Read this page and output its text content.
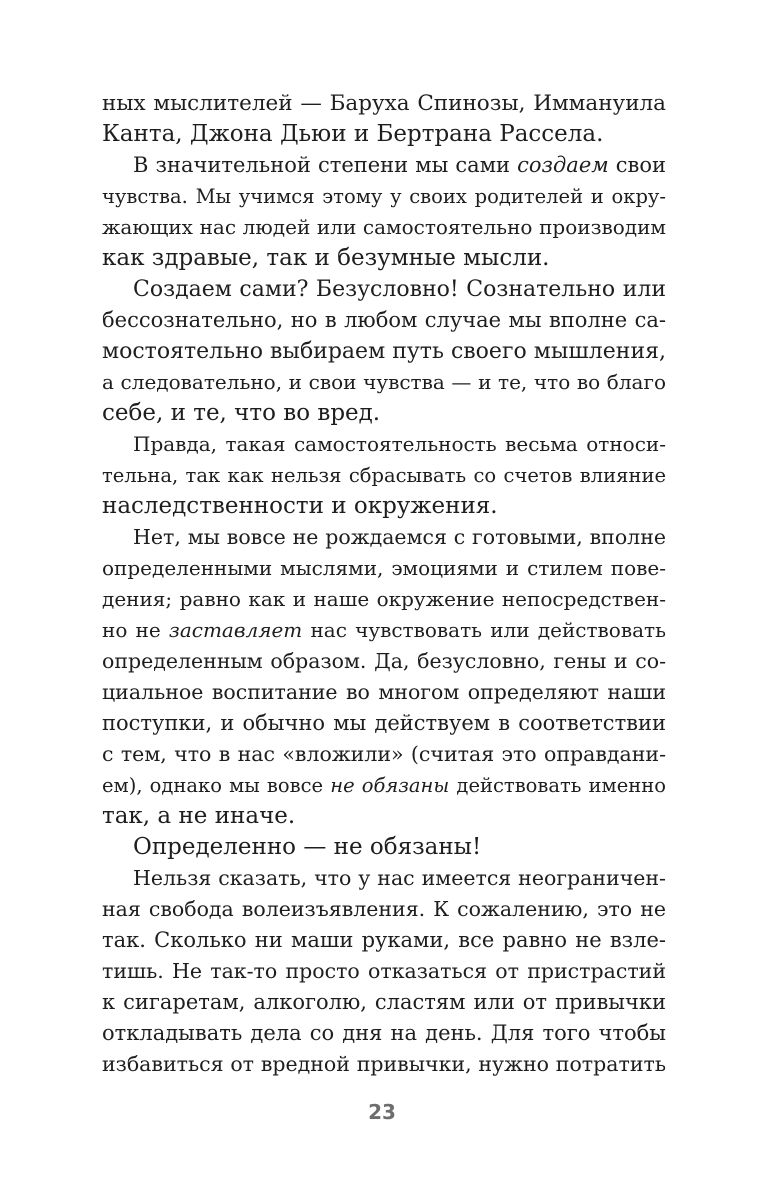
ных мыслителей — Баруха Спинозы, Иммануила
Канта, Джона Дьюи и Бертрана Рассела.
В значительной степени мы сами создаем свои
чувства. Мы учимся этому у своих родителей и окру-
жающих нас людей или самостоятельно производим
как здравые, так и безумные мысли.
Создаем сами? Безусловно! Сознательно или
бессознательно, но в любом случае мы вполне са-
мостоятельно выбираем путь своего мышления,
а следовательно, и свои чувства — и те, что во благо
себе, и те, что во вред.
Правда, такая самостоятельность весьма относи-
тельна, так как нельзя сбрасывать со счетов влияние
наследственности и окружения.
Нет, мы вовсе не рождаемся с готовыми, вполне
определенными мыслями, эмоциями и стилем пове-
дения; равно как и наше окружение непосредствен-
но не заставляет нас чувствовать или действовать
определенным образом. Да, безусловно, гены и со-
циальное воспитание во многом определяют наши
поступки, и обычно мы действуем в соответствии
с тем, что в нас «вложили» (считая это оправдани-
ем), однако мы вовсе не обязаны действовать именно
так, а не иначе.
Определенно — не обязаны!
Нельзя сказать, что у нас имеется неограничен-
ная свобода волеизъявления. К сожалению, это не
так. Сколько ни маши руками, все равно не взле-
тишь. Не так-то просто отказаться от пристрастий
к сигаретам, алкоголю, сластям или от привычки
откладывать дела со дня на день. Для того чтобы
избавиться от вредной привычки, нужно потратить
23
